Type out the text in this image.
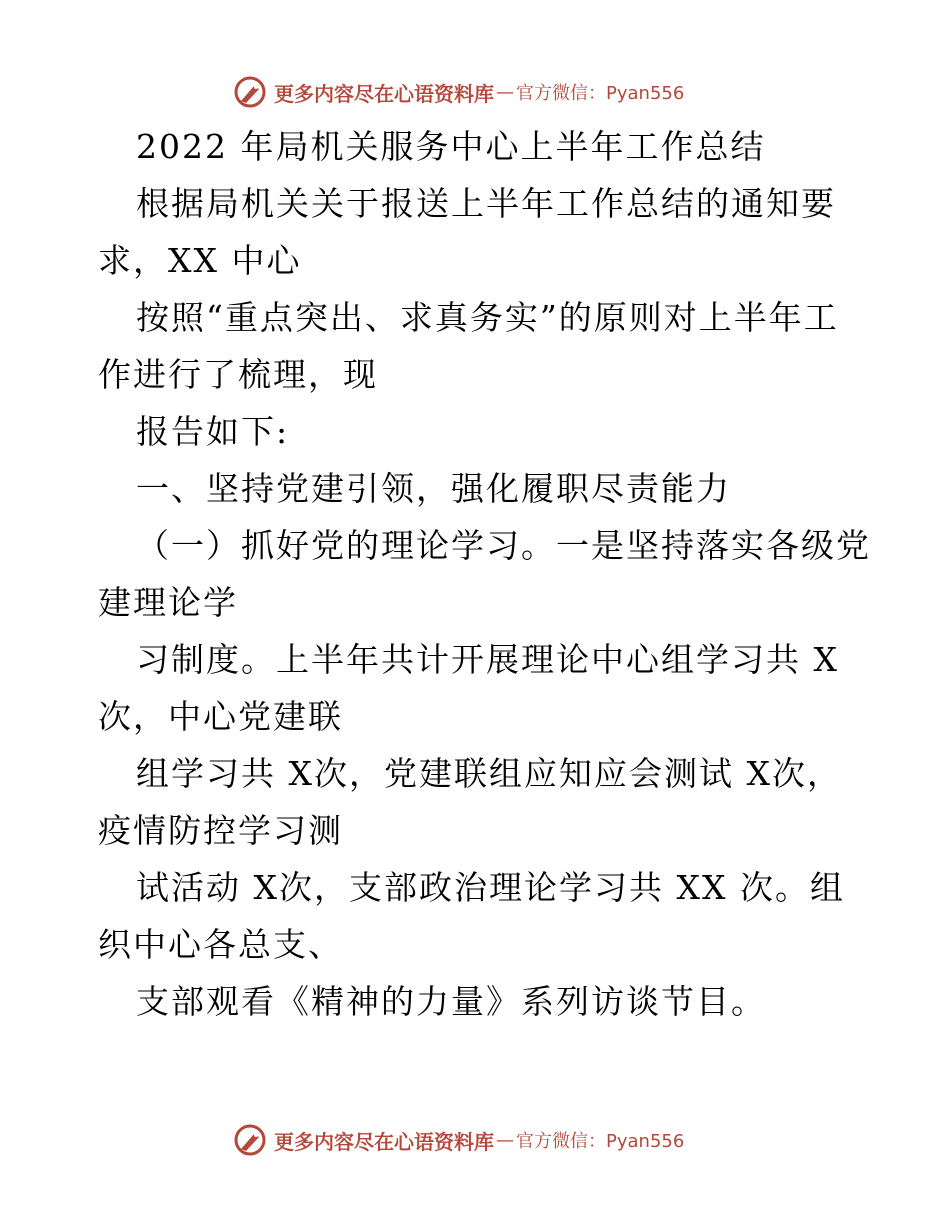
更多内容尽在心语资料库 — 官方微信：Pyan556
2022 年局机关服务中心上半年工作总结
根据局机关关于报送上半年工作总结的通知要
求，XX 中心
按照“重点突出、求真务实”的原则对上半年工
作进行了梳理，现
报告如下:
一、坚持党建引领，强化履职尽责能力
（一）抓好党的理论学习。一是坚持落实各级党
建理论学
习制度。上半年共计开展理论中心组学习共 X
次，中心党建联
组学习共 X次，党建联组应知应会测试 X次，
疫情防控学习测
试活动 X次，支部政治理论学习共 XX 次。组
织中心各总支、
支部观看《精神的力量》系列访谈节目。
更多内容尽在心语资料库 — 官方微信：Pyan556
